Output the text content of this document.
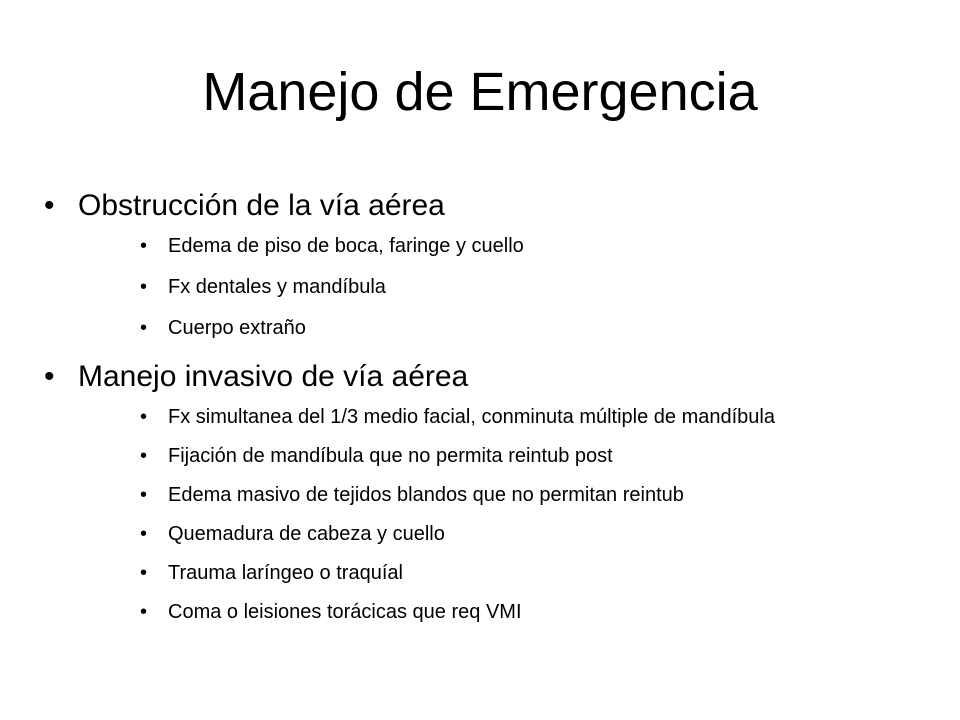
Manejo de Emergencia

• Obstrucción de la vía aérea

• Edema de piso de boca, faringe y cuello
• Fx dentales y mandíbula
• Cuerpo extraño

• Manejo invasivo de vía aérea

• Fx simultanea del 1/3 medio facial, conminuta múltiple de mandíbula
• Fijación de mandíbula que no permita reintub post
• Edema masivo de tejidos blandos que no permitan reintub
• Quemadura de cabeza y cuello
• Trauma laríngeo o traquíal
• Coma o leisiones torácicas que req VMI
